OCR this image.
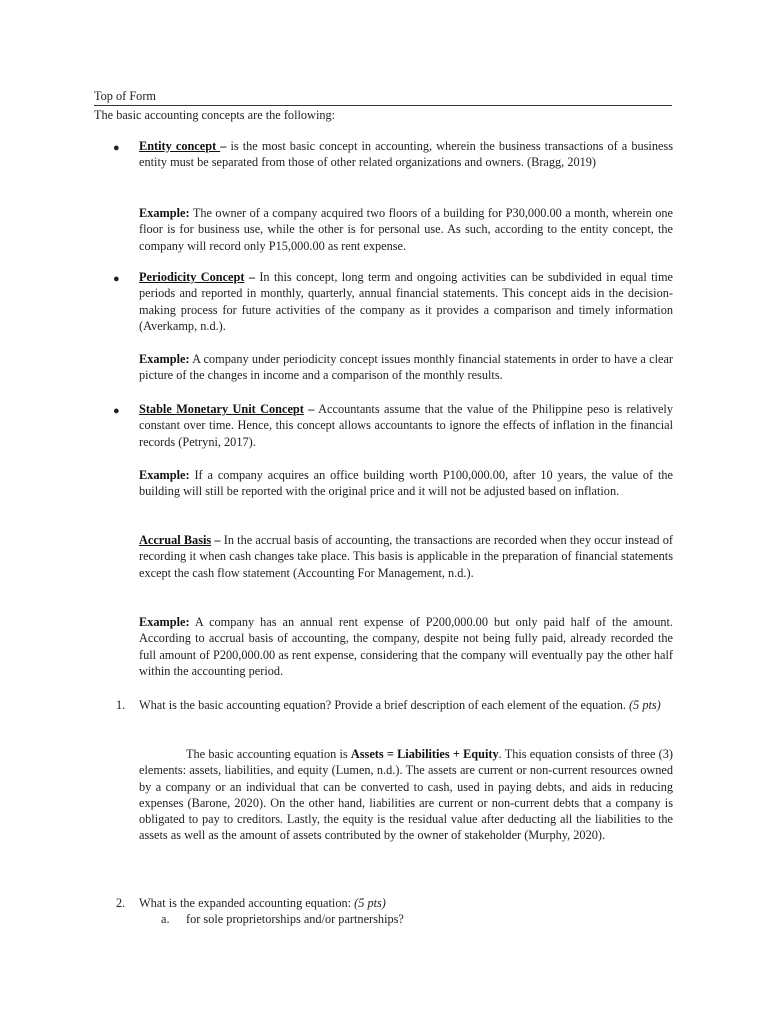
Top of Form
The basic accounting concepts are the following:
● Entity concept – is the most basic concept in accounting, wherein the business transactions of a business entity must be separated from those of other related organizations and owners. (Bragg, 2019)

Example: The owner of a company acquired two floors of a building for P30,000.00 a month, wherein one floor is for business use, while the other is for personal use. As such, according to the entity concept, the company will record only P15,000.00 as rent expense.

● Periodicity Concept – In this concept, long term and ongoing activities can be subdivided in equal time periods and reported in monthly, quarterly, annual financial statements. This concept aids in the decision-making process for future activities of the company as it provides a comparison and timely information (Averkamp, n.d.).

Example: A company under periodicity concept issues monthly financial statements in order to have a clear picture of the changes in income and a comparison of the monthly results.

● Stable Monetary Unit Concept – Accountants assume that the value of the Philippine peso is relatively constant over time. Hence, this concept allows accountants to ignore the effects of inflation in the financial records (Petryni, 2017).

Example: If a company acquires an office building worth P100,000.00, after 10 years, the value of the building will still be reported with the original price and it will not be adjusted based on inflation.

Accrual Basis – In the accrual basis of accounting, the transactions are recorded when they occur instead of recording it when cash changes take place. This basis is applicable in the preparation of financial statements except the cash flow statement (Accounting For Management, n.d.).

Example: A company has an annual rent expense of P200,000.00 but only paid half of the amount. According to accrual basis of accounting, the company, despite not being fully paid, already recorded the full amount of P200,000.00 as rent expense, considering that the company will eventually pay the other half within the accounting period.

1. What is the basic accounting equation? Provide a brief description of each element of the equation. (5 pts)

The basic accounting equation is Assets = Liabilities + Equity. This equation consists of three (3) elements: assets, liabilities, and equity (Lumen, n.d.). The assets are current or non-current resources owned by a company or an individual that can be converted to cash, used in paying debts, and aids in reducing expenses (Barone, 2020). On the other hand, liabilities are current or non-current debts that a company is obligated to pay to creditors. Lastly, the equity is the residual value after deducting all the liabilities to the assets as well as the amount of assets contributed by the owner of stakeholder (Murphy, 2020).

2. What is the expanded accounting equation: (5 pts)

a. for sole proprietorships and/or partnerships?
